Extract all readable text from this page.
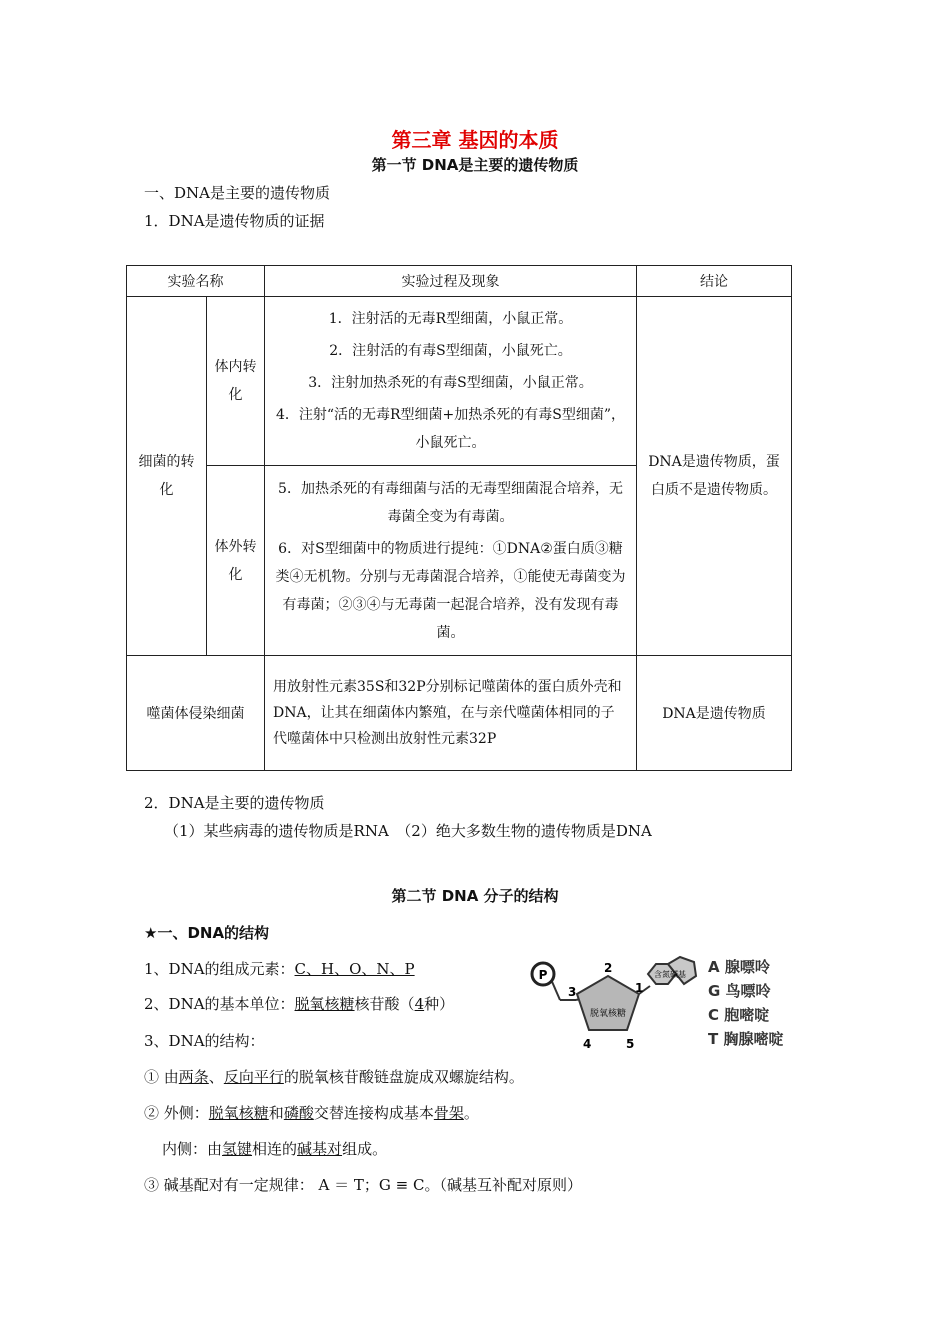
第三章 基因的本质
第一节 DNA是主要的遗传物质
一、DNA是主要的遗传物质
1．DNA是遗传物质的证据
实验名称		实验过程及现象	结论
细菌的转化	体内转化	1．注射活的无毒R型细菌，小鼠正常。

2．注射活的有毒S型细菌，小鼠死亡。

3．注射加热杀死的有毒S型细菌，小鼠正常。

4．注射“活的无毒R型细菌+加热杀死的有毒S型细菌”，小鼠死亡。	DNA是遗传物质，蛋白质不是遗传物质。
	体外转化	5．加热杀死的有毒细菌与活的无毒型细菌混合培养，无毒菌全变为有毒菌。

6．对S型细菌中的物质进行提纯：①DNA②蛋白质③糖类④无机物。分别与无毒菌混合培养，①能使无毒菌变为有毒菌；②③④与无毒菌一起混合培养，没有发现有毒菌。	

噬菌体侵染细菌		用放射性元素35S和32P分别标记噬菌体的蛋白质外壳和DNA，让其在细菌体内繁殖，在与亲代噬菌体相同的子代噬菌体中只检测出放射性元素32P	DNA是遗传物质
2．DNA是主要的遗传物质
（1）某些病毒的遗传物质是RNA　（2）绝大多数生物的遗传物质是DNA
第二节 DNA 分子的结构
★一、DNA的结构
1、DNA的组成元素：C、H、O、N、P
2、DNA的基本单位：脱氧核糖核苷酸（4种）
3、DNA的结构：
① 由两条、反向平行的脱氧核苷酸链盘旋成双螺旋结构。
② 外侧：脱氧核糖和磷酸交替连接构成基本骨架。
内侧：由氢键相连的碱基对组成。
③ 碱基配对有一定规律： A ＝ T；G ≡ C。（碱基互补配对原则）
P
脱氧核糖
含氮碱基
1
2
3
4	5
A 腺嘌呤
G 鸟嘌呤
C 胞嘧啶
T 胸腺嘧啶
